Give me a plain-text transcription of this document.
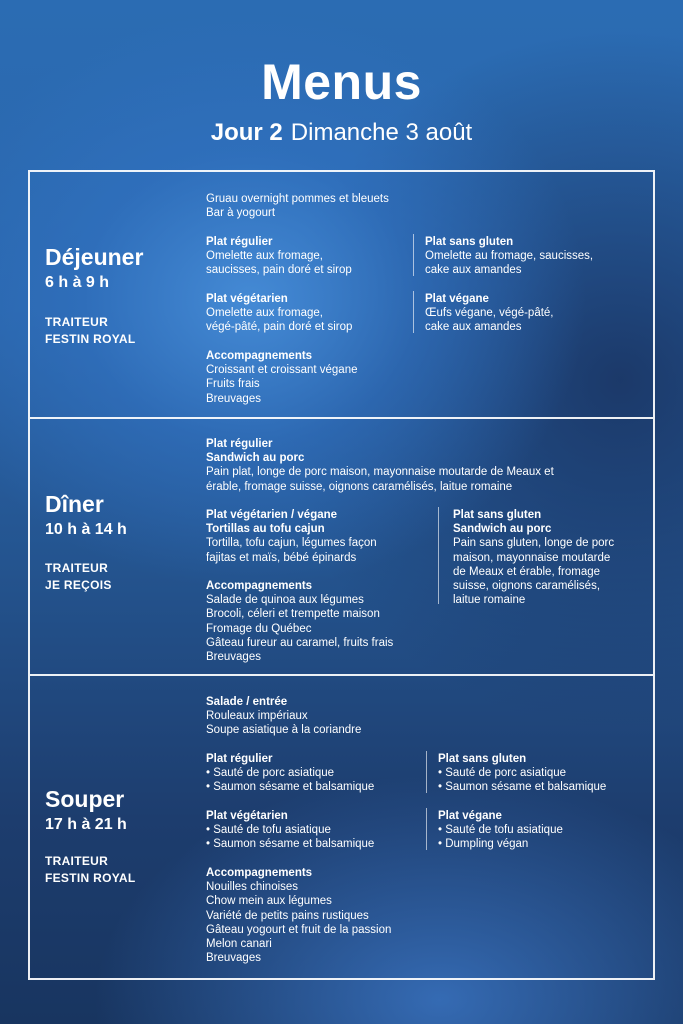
Menus
Jour 2 Dimanche 3 août
Déjeuner
6 h à 9 h
TRAITEUR
FESTIN ROYAL
Gruau overnight pommes et bleuets
Bar à yogourt
Plat régulier
Omelette aux fromage,
saucisses, pain doré et sirop
Plat sans gluten
Omelette au fromage, saucisses,
cake aux amandes
Plat végétarien
Omelette aux fromage,
végé-pâté, pain doré et sirop
Plat végane
Œufs végane, végé-pâté,
cake aux amandes
Accompagnements
Croissant et croissant végane
Fruits frais
Breuvages
Dîner
10 h à 14 h
TRAITEUR
JE REÇOIS
Plat régulier
Sandwich au porc
Pain plat, longe de porc maison, mayonnaise moutarde de Meaux et
érable, fromage suisse, oignons caramélisés, laitue romaine
Plat végétarien / végane
Tortillas au tofu cajun
Tortilla, tofu cajun, légumes façon
fajitas et maïs, bébé épinards
Plat sans gluten
Sandwich au porc
Pain sans gluten, longe de porc
maison, mayonnaise moutarde
de Meaux et érable, fromage
suisse, oignons caramélisés,
laitue romaine
Accompagnements
Salade de quinoa aux légumes
Brocoli, céleri et trempette maison
Fromage du Québec
Gâteau fureur au caramel, fruits frais
Breuvages
Souper
17 h à 21 h
TRAITEUR
FESTIN ROYAL
Salade / entrée
Rouleaux impériaux
Soupe asiatique à la coriandre
Plat régulier
• Sauté de porc asiatique
• Saumon sésame et balsamique
Plat sans gluten
• Sauté de porc asiatique
• Saumon sésame et balsamique
Plat végétarien
• Sauté de tofu asiatique
• Saumon sésame et balsamique
Plat végane
• Sauté de tofu asiatique
• Dumpling végan
Accompagnements
Nouilles chinoises
Chow mein aux légumes
Variété de petits pains rustiques
Gâteau yogourt et fruit de la passion
Melon canari
Breuvages
